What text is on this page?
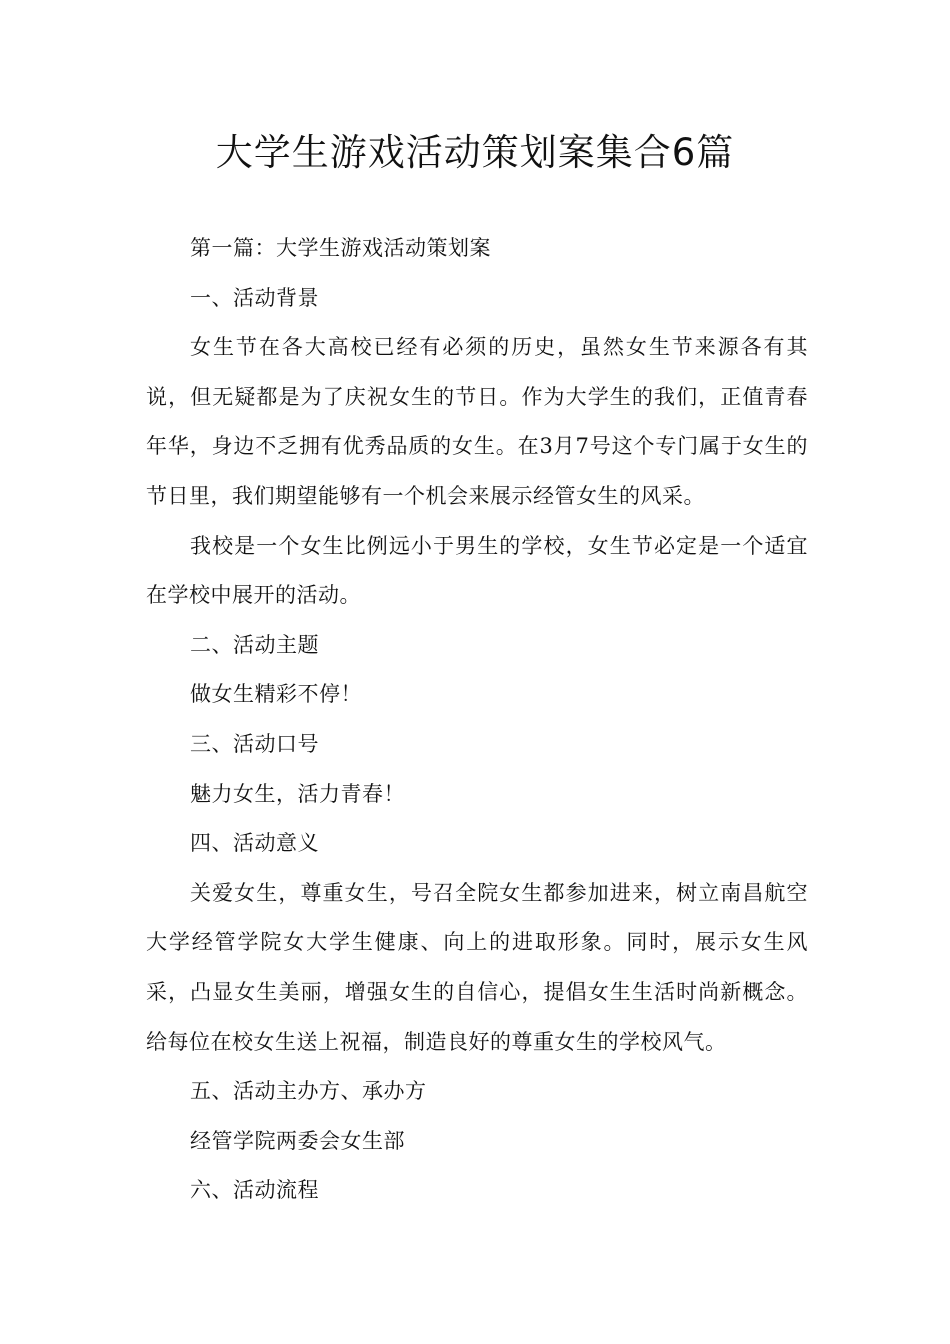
大学生游戏活动策划案集合6篇

第一篇：大学生游戏活动策划案

一、活动背景

女生节在各大高校已经有必须的历史，虽然女生节来源各有其说，但无疑都是为了庆祝女生的节日。作为大学生的我们，正值青春年华，身边不乏拥有优秀品质的女生。在3月7号这个专门属于女生的节日里，我们期望能够有一个机会来展示经管女生的风采。

我校是一个女生比例远小于男生的学校，女生节必定是一个适宜在学校中展开的活动。

二、活动主题

做女生精彩不停！

三、活动口号

魅力女生，活力青春！

四、活动意义

关爱女生，尊重女生，号召全院女生都参加进来，树立南昌航空大学经管学院女大学生健康、向上的进取形象。同时，展示女生风采，凸显女生美丽，增强女生的自信心，提倡女生生活时尚新概念。给每位在校女生送上祝福，制造良好的尊重女生的学校风气。

五、活动主办方、承办方

经管学院两委会女生部

六、活动流程
